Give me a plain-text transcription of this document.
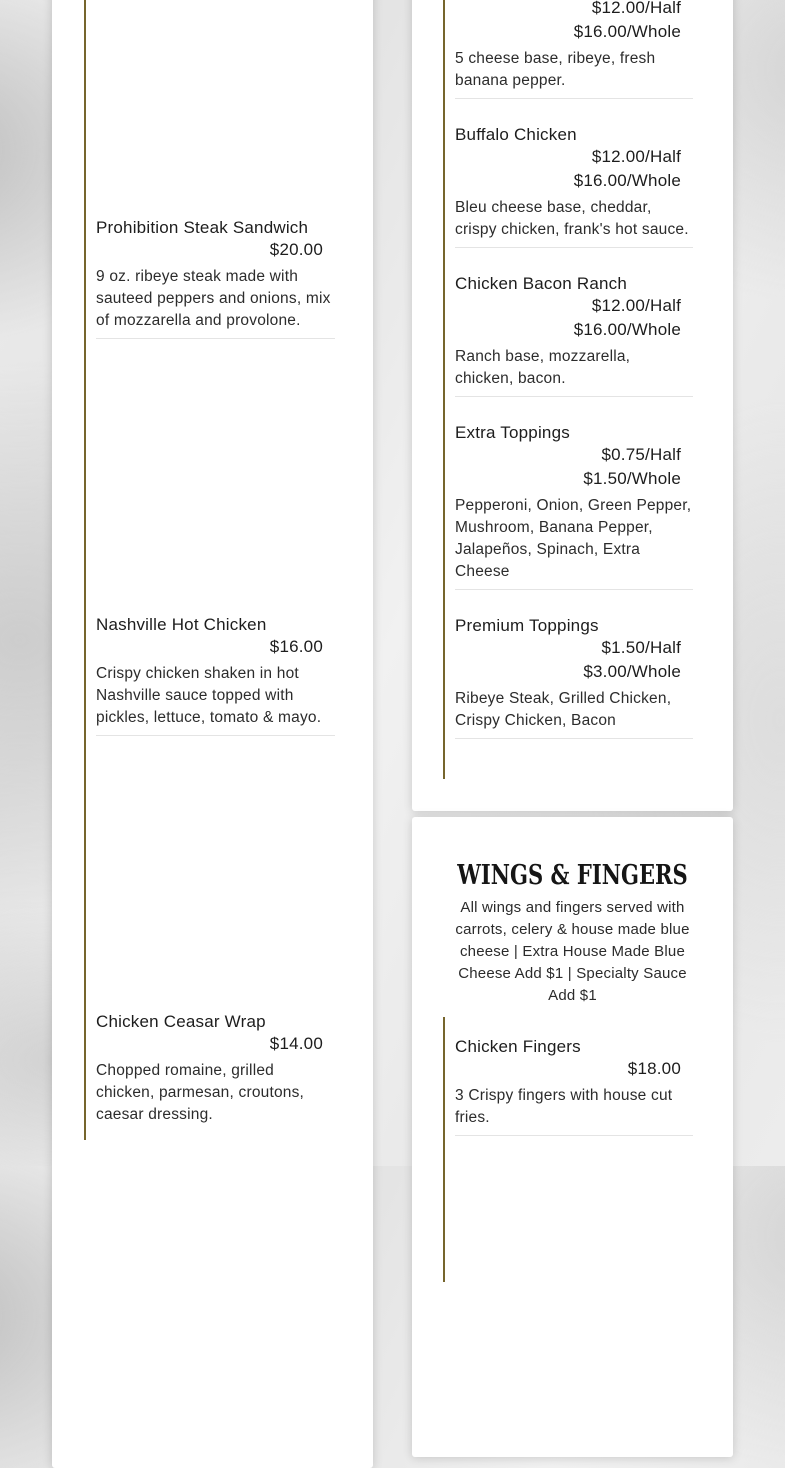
Prohibition Steak Sandwich
$20.00
9 oz. ribeye steak made with sauteed peppers and onions, mix of mozzarella and provolone.
Nashville Hot Chicken
$16.00
Crispy chicken shaken in hot Nashville sauce topped with pickles, lettuce, tomato & mayo.
Chicken Ceasar Wrap
$14.00
Chopped romaine, grilled chicken, parmesan, croutons, caesar dressing.
$12.00/Half
$16.00/Whole
5 cheese base, ribeye, fresh banana pepper.
Buffalo Chicken
$12.00/Half
$16.00/Whole
Bleu cheese base, cheddar, crispy chicken, frank's hot sauce.
Chicken Bacon Ranch
$12.00/Half
$16.00/Whole
Ranch base, mozzarella, chicken, bacon.
Extra Toppings
$0.75/Half
$1.50/Whole
Pepperoni, Onion, Green Pepper, Mushroom, Banana Pepper, Jalapeños, Spinach, Extra Cheese
Premium Toppings
$1.50/Half
$3.00/Whole
Ribeye Steak, Grilled Chicken, Crispy Chicken, Bacon
WINGS & FINGERS

All wings and fingers served with carrots, celery & house made blue cheese | Extra House Made Blue Cheese Add $1 | Specialty Sauce Add $1

Chicken Fingers
$18.00
3 Crispy fingers with house cut fries.
